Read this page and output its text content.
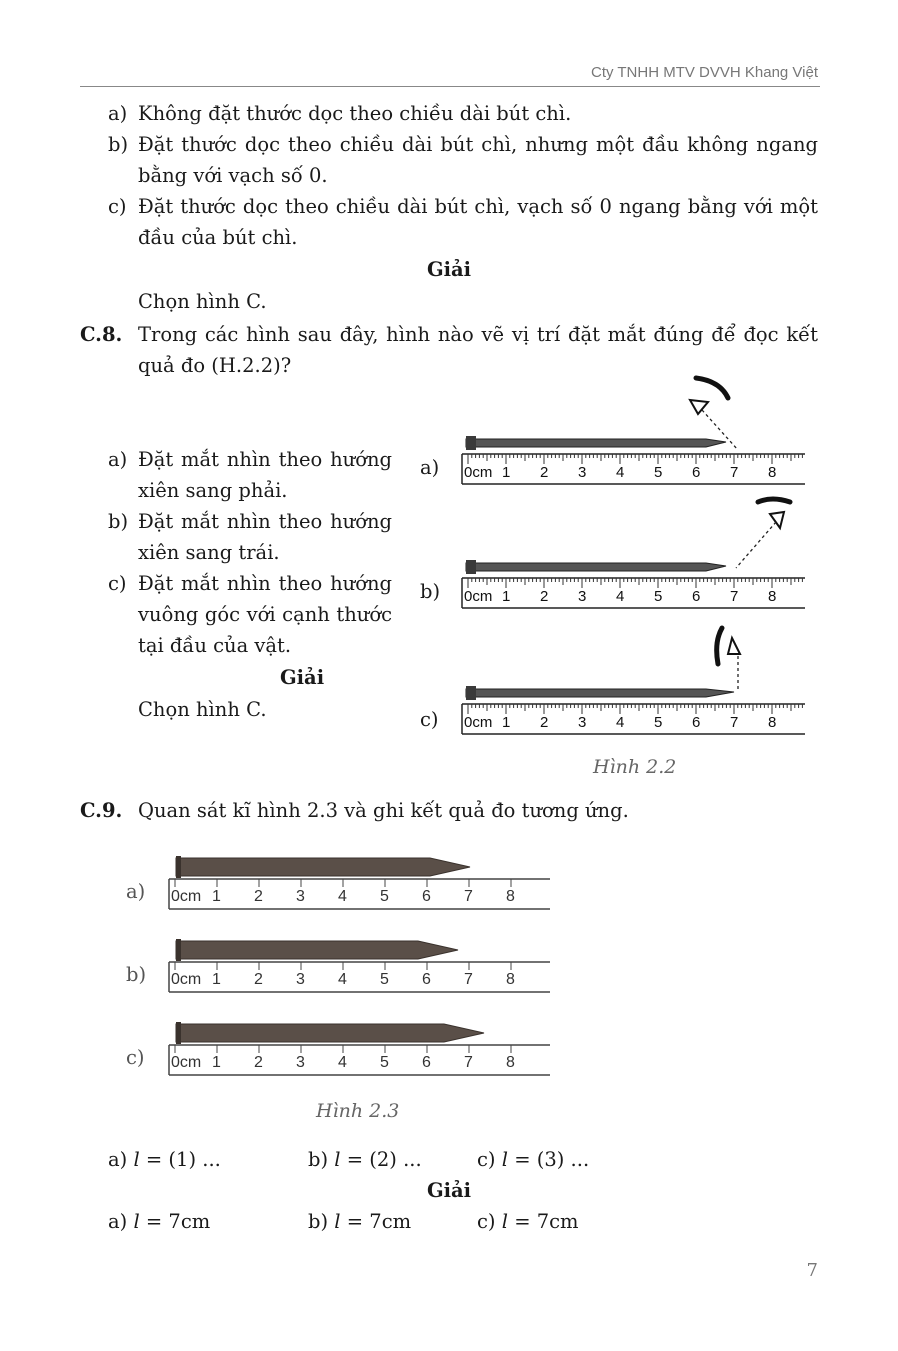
Cty TNHH MTV DVVH Khang Việt
a) Không đặt thước dọc theo chiều dài bút chì.
b) Đặt thước dọc theo chiều dài bút chì, nhưng một đầu không ngang
bằng với vạch số 0.
c) Đặt thước dọc theo chiều dài bút chì, vạch số 0 ngang bằng với một
đầu của bút chì.
Giải
Chọn hình C.
C.8. Trong các hình sau đây, hình nào vẽ vị trí đặt mắt đúng để đọc kết
quả đo (H.2.2)?
a) Đặt mắt nhìn theo hướng
xiên sang phải.
b) Đặt mắt nhìn theo hướng
xiên sang trái.
c) Đặt mắt nhìn theo hướng
vuông góc với cạnh thước
tại đầu của vật.
Giải
Chọn hình C.
a)
b)
c)
0cm 1 2 3 4 5 6 7 8
0cm 1 2 3 4 5 6 7 8
0cm 1 2 3 4 5 6 7 8
Hình 2.2
C.9. Quan sát kĩ hình 2.3 và ghi kết quả đo tương ứng.
a)
b)
c)
0cm 1 2 3 4 5 6 7 8
0cm 1 2 3 4 5 6 7 8
0cm 1 2 3 4 5 6 7 8
Hình 2.3
a) l = (1) ...	b) l = (2) ...	c) l = (3) ...
Giải
a) l = 7cm	b) l = 7cm	c) l = 7cm
7
